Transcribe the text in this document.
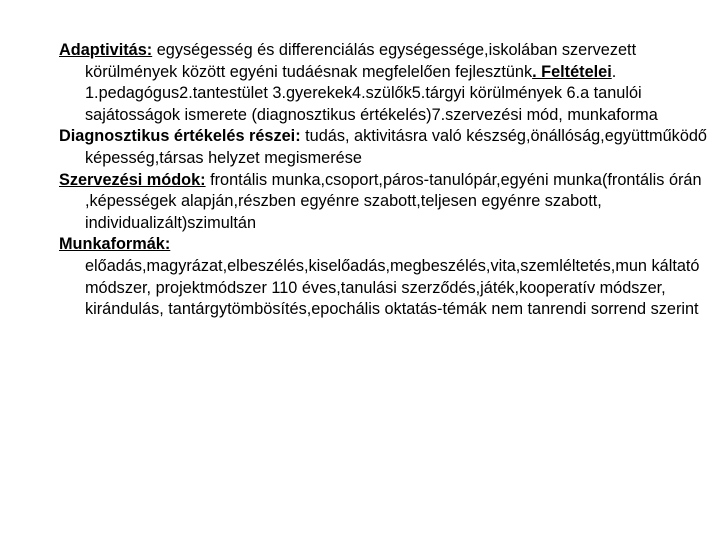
Adaptivitás: egységesség és differenciálás egységessége,iskolában szervezett körülmények között egyéni tudáésnak megfelelően fejlesztünk. Feltételei. 1.pedagógus2.tantestület 3.gyerekek4.szülők5.tárgyi körülmények 6.a tanulói sajátosságok ismerete (diagnosztikus értékelés)7.szervezési mód, munkaforma

Diagnosztikus értékelés részei: tudás, aktivitásra való készség,önállóság,együttműködő képesség,társas helyzet megismerése

Szervezési módok: frontális munka,csoport,páros-tanulópár,egyéni munka(frontális órán ,képességek alapján,részben egyénre szabott,teljesen egyénre szabott, individualizált)szimultán

Munkaformák: előadás,magyrázat,elbeszélés,kiselőadás,megbeszélés,vita,szemléltetés,mun káltató módszer, projektmódszer 110 éves,tanulási szerződés,játék,kooperatív módszer, kirándulás, tantárgytömbösítés,epochális oktatás-témák nem tanrendi sorrend szerint
